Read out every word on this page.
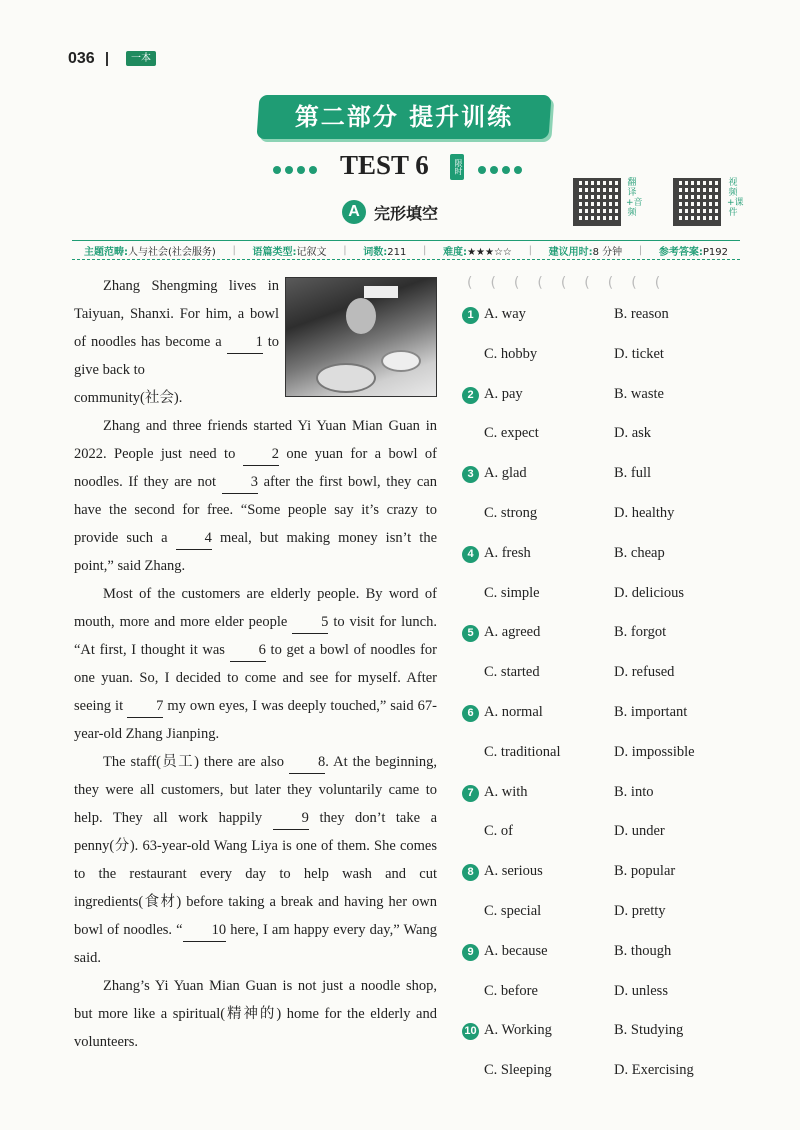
036	一本
第二部分 提升训练
TEST 6	限时
A 完形填空
翻译+音频
视频+课件
主题范畴:人与社会(社会服务) | 语篇类型:记叙文 | 词数:211 | 难度:★★★☆☆ | 建议用时:8 分钟 | 参考答案:P192

Zhang Shengming lives in Taiyuan, Shanxi. For him, a bowl of noodles has become a 1 to give back to

community(社会).

Zhang and three friends started Yi Yuan Mian Guan in 2022. People just need to	2 one yuan for a bowl of noodles. If they are not 3 after the first bowl, they can have the second for free. “Some people say it’s crazy to provide such a	4 meal, but making money isn’t the point,” said Zhang.

Most of the customers are elderly people. By word of mouth, more and more elder people 5 to visit for lunch. “At first, I thought it was 6 to get a bowl of noodles for one yuan. So, I decided to come and see for myself. After seeing it 7 my own eyes, I was deeply touched,” said 67-year-old Zhang Jianping.

The staff(员工) there are also 8. At the beginning, they were all customers, but later they voluntarily came to help. They all work happily	9 they don’t take a penny(分). 63-year-old Wang Liya is one of them. She comes to the restaurant every day to help wash and cut ingredients(食材) before taking a break and having her own bowl of noodles. “ 10 here, I am happy every day,” Wang said.

Zhang’s Yi Yuan Mian Guan is not just a noodle shop, but more like a spiritual(精神的) home for the elderly and volunteers.

(((((((((
1 A. way	B. reason
C. hobby	D. ticket
2 A. pay	B. waste
C. expect	D. ask
3 A. glad	B. full
C. strong	D. healthy
4 A. fresh	B. cheap
C. simple	D. delicious
5 A. agreed	B. forgot
C. started	D. refused
6 A. normal	B. important
C. traditional	D. impossible
7 A. with	B. into
C. of	D. under
8 A. serious	B. popular
C. special	D. pretty
9 A. because	B. though
C. before	D. unless
10 A. Working	B. Studying
C. Sleeping	D. Exercising
